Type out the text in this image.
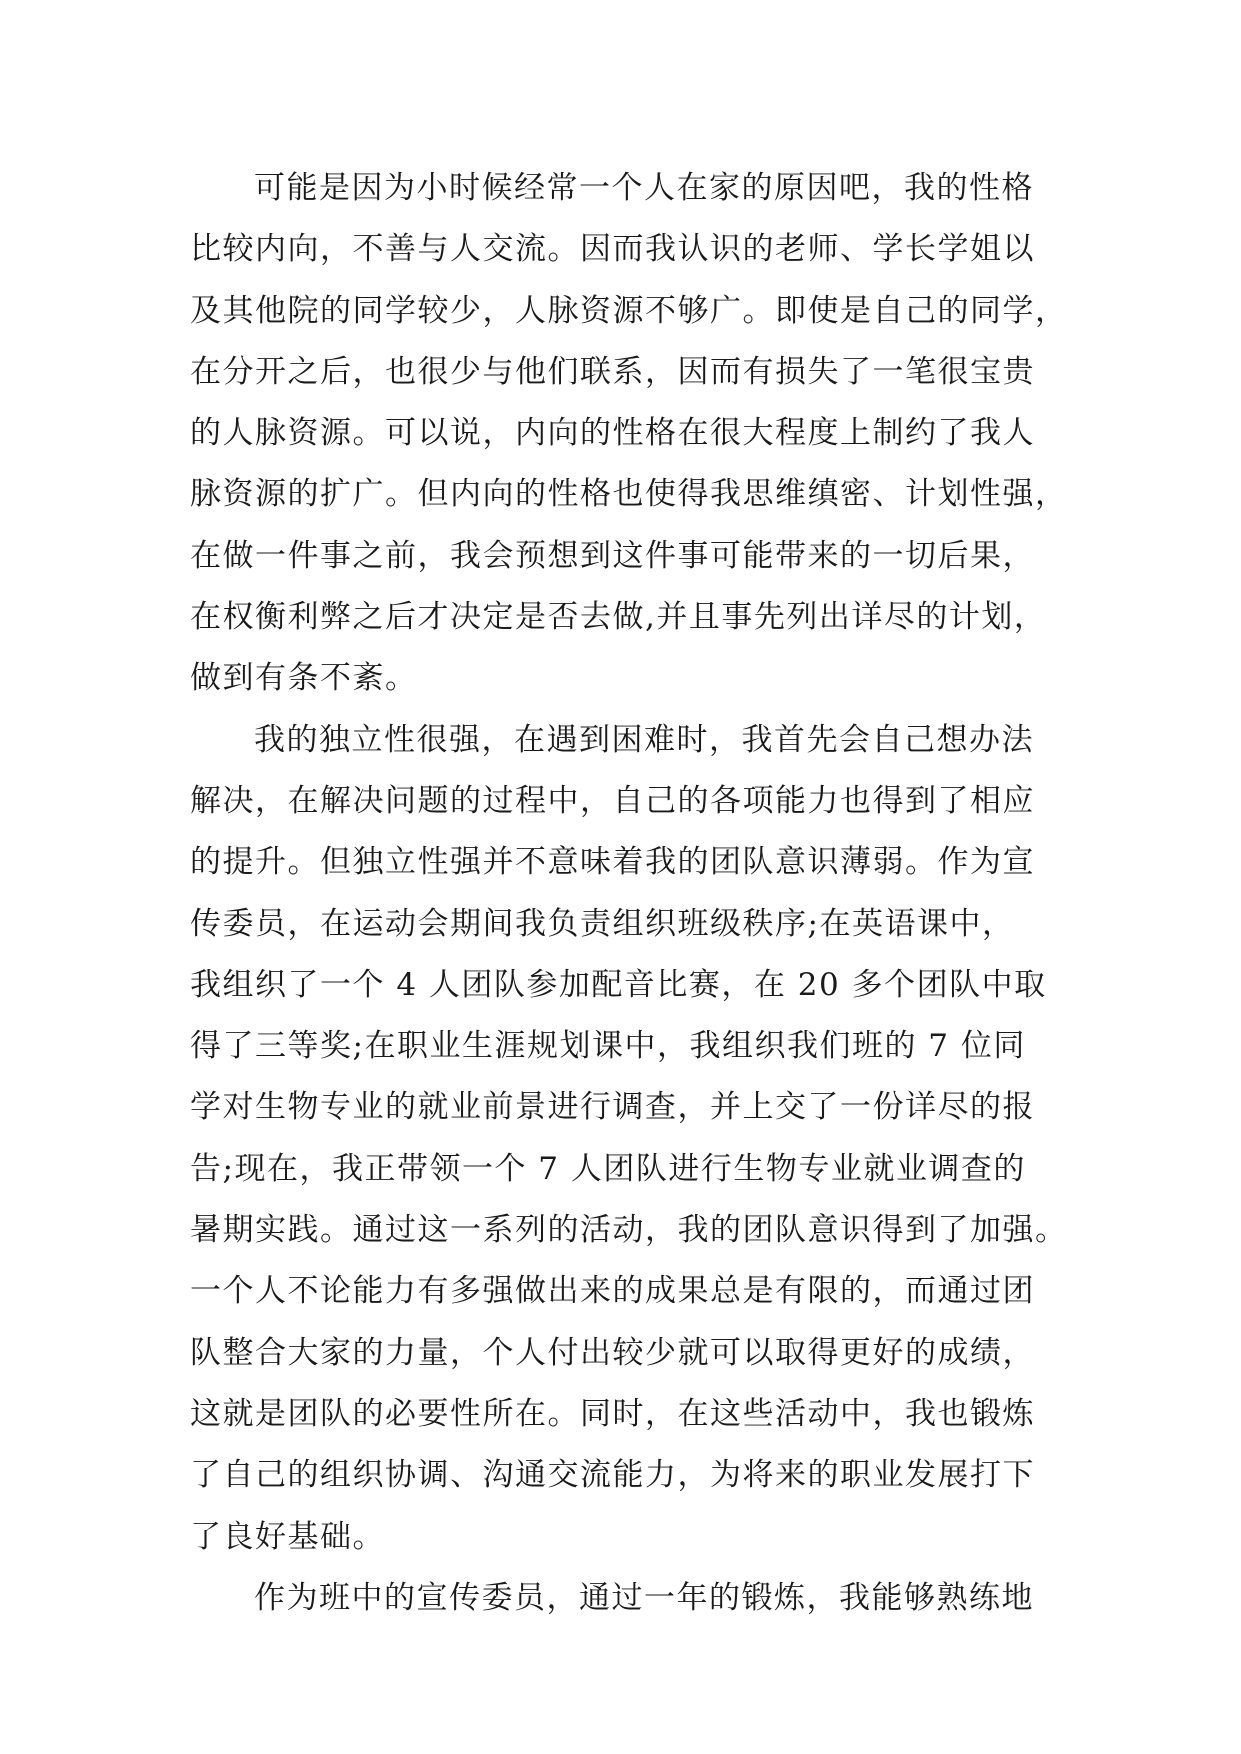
可能是因为小时候经常一个人在家的原因吧，我的性格
比较内向，不善与人交流。因而我认识的老师、学长学姐以
及其他院的同学较少，人脉资源不够广。即使是自己的同学，
在分开之后，也很少与他们联系，因而有损失了一笔很宝贵
的人脉资源。可以说，内向的性格在很大程度上制约了我人
脉资源的扩广。但内向的性格也使得我思维缜密、计划性强，
在做一件事之前，我会预想到这件事可能带来的一切后果，
在权衡利弊之后才决定是否去做,并且事先列出详尽的计划，
做到有条不紊。
我的独立性很强，在遇到困难时，我首先会自己想办法
解决，在解决问题的过程中，自己的各项能力也得到了相应
的提升。但独立性强并不意味着我的团队意识薄弱。作为宣
传委员，在运动会期间我负责组织班级秩序;在英语课中，
我组织了一个 4 人团队参加配音比赛，在 20 多个团队中取
得了三等奖;在职业生涯规划课中，我组织我们班的 7 位同
学对生物专业的就业前景进行调查，并上交了一份详尽的报
告;现在，我正带领一个 7 人团队进行生物专业就业调查的
暑期实践。通过这一系列的活动，我的团队意识得到了加强。
一个人不论能力有多强做出来的成果总是有限的，而通过团
队整合大家的力量，个人付出较少就可以取得更好的成绩，
这就是团队的必要性所在。同时，在这些活动中，我也锻炼
了自己的组织协调、沟通交流能力，为将来的职业发展打下
了良好基础。
作为班中的宣传委员，通过一年的锻炼，我能够熟练地
